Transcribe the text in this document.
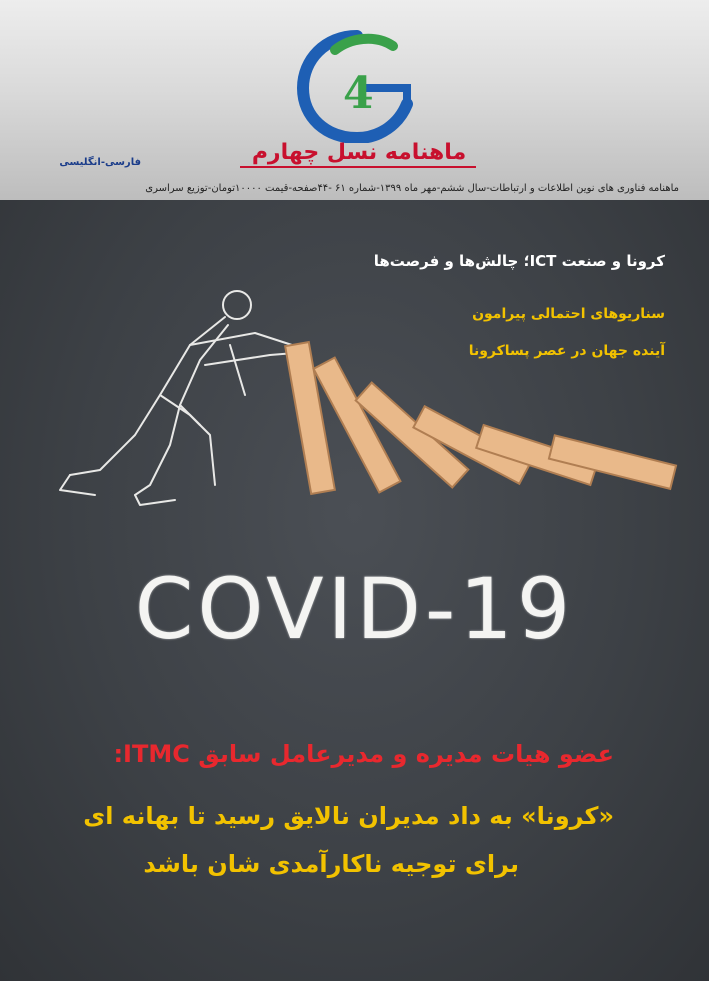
4
ماهنامه نسل چهارم
فارسی-انگلیسی
ماهنامه فناوری های نوین اطلاعات و ارتباطات-سال ششم-مهر ماه ۱۳۹۹-شماره ۶۱ -۴۴صفحه-قیمت ۱۰۰۰۰تومان-توزیع سراسری
کرونا و صنعت ICT؛ چالش‌ها و فرصت‌ها
سناریوهای احتمالی پیرامون
آینده جهان در عصر پساکرونا
COVID-19
عضو هیات مدیره و مدیرعامل سابق ITMC:
«کرونا» به داد مدیران نالایق رسید تا بهانه ای
برای توجیه ناکارآمدی شان باشد
